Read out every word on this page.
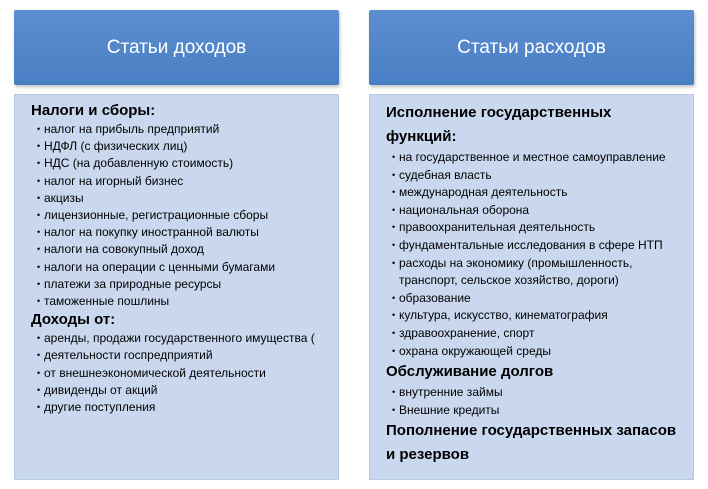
Статьи доходов	Статьи расходов
Налоги и сборы:
• налог на прибыль предприятий
• НДФЛ (с физических лиц)
• НДС (на добавленную стоимость)
• налог на игорный бизнес
• акцизы
• лицензионные, регистрационные сборы
• налог на покупку иностранной валюты
• налоги на совокупный доход
• налоги на операции с ценными бумагами
• платежи за природные ресурсы
• таможенные пошлины
Доходы от:
• аренды, продажи государственного имущества (
• деятельности госпредприятий
• от внешнеэкономической деятельности
• дивиденды от акций
• другие поступления
Исполнение государственных функций:
• на государственное и местное самоуправление
• судебная власть
• международная деятельность
• национальная оборона
• правоохранительная деятельность
• фундаментальные исследования в сфере НТП
• расходы на экономику (промышленность, транспорт, сельское хозяйство, дороги)
• образование
• культура, искусство, кинематография
• здравоохранение, спорт
• охрана окружающей среды
Обслуживание долгов
• внутренние займы
• Внешние кредиты
Пополнение государственных запасов и резервов
